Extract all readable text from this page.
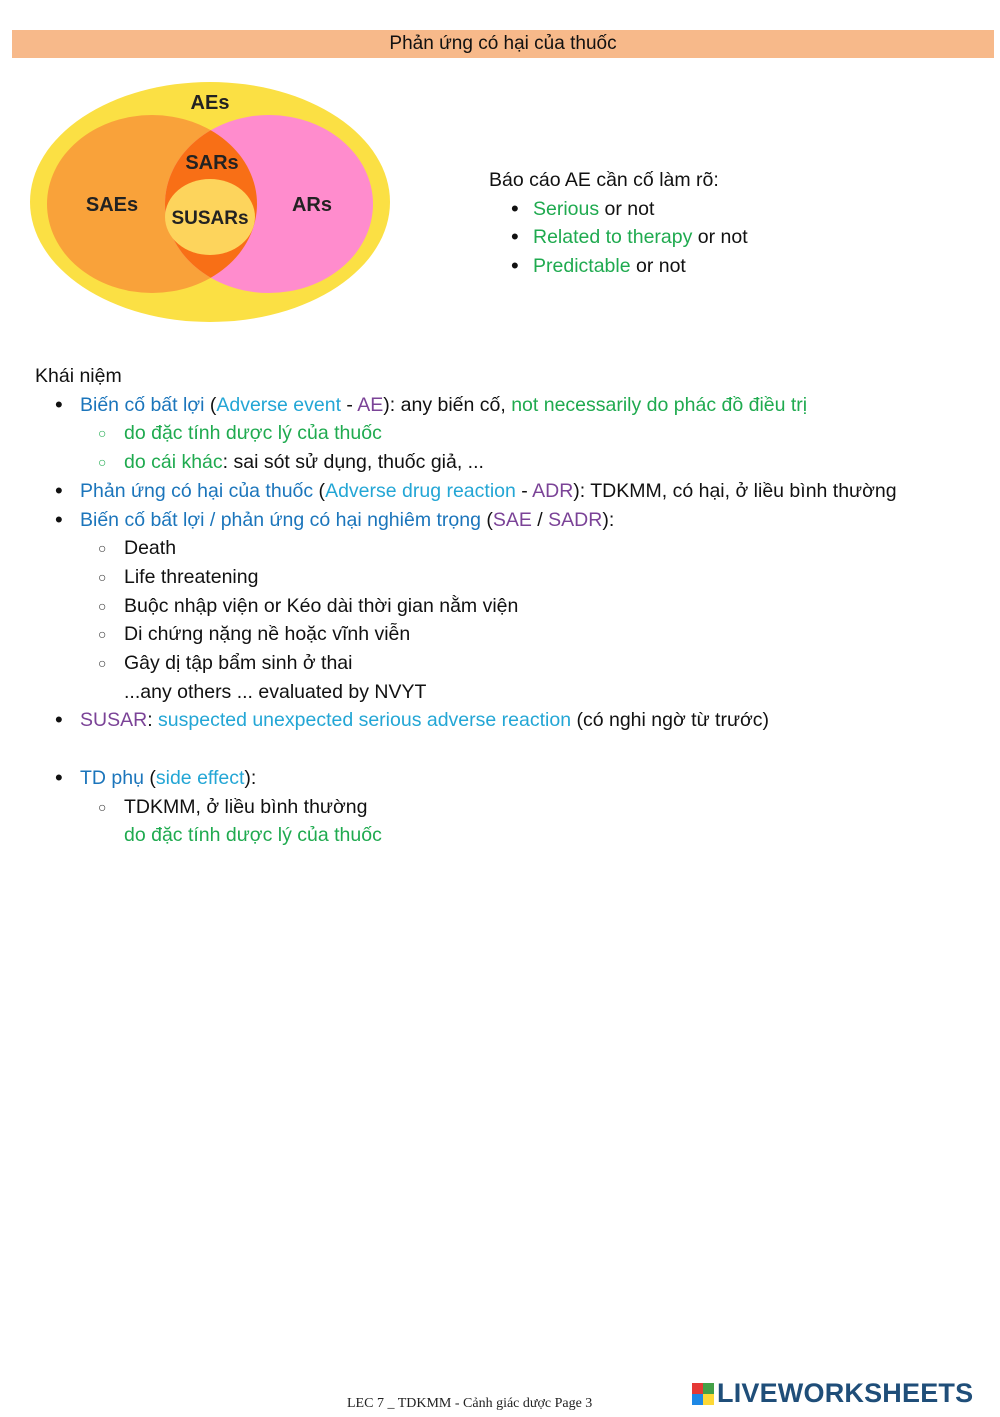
Phản ứng có hại của thuốc
AEs
SARs
SAEs
SUSARs
ARs
Báo cáo AE cần cố làm rõ:
• Serious or not
• Related to therapy or not
• Predictable or not
Khái niệm
• Biến cố bất lợi (Adverse event - AE): any biến cố, not necessarily do phác đồ điều trị
○ do đặc tính dược lý của thuốc
○ do cái khác: sai sót sử dụng, thuốc giả, ...
• Phản ứng có hại của thuốc (Adverse drug reaction - ADR): TDKMM, có hại, ở liều bình thường
• Biến cố bất lợi / phản ứng có hại nghiêm trọng (SAE / SADR):
○ Death
○ Life threatening
○ Buộc nhập viện or Kéo dài thời gian nằm viện
○ Di chứng nặng nề hoặc vĩnh viễn
○ Gây dị tập bẩm sinh ở thai
...any others ... evaluated by NVYT
• SUSAR: suspected unexpected serious adverse reaction (có nghi ngờ từ trước)
• TD phụ (side effect):
○ TDKMM, ở liều bình thường
do đặc tính dược lý của thuốc
LEC 7 _ TDKMM - Cảnh giác dược Page 3	LIVEWORKSHEETS
